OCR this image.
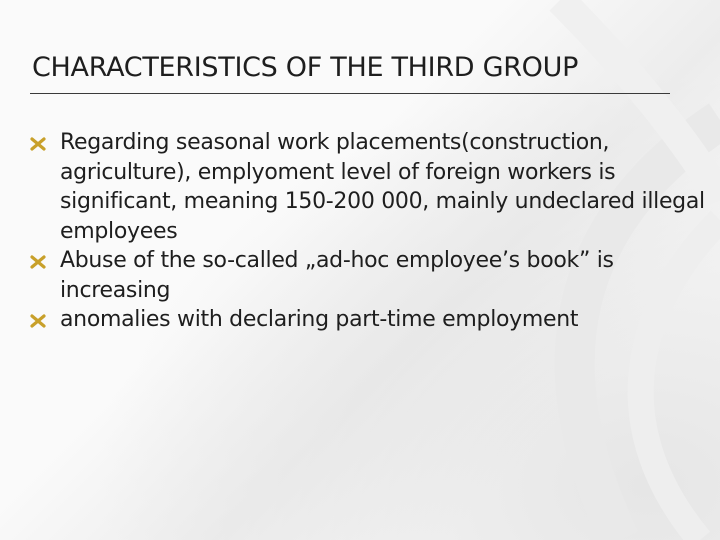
CHARACTERISTICS OF THE THIRD GROUP
Regarding seasonal work placements(construction, agriculture), emplyoment level of foreign workers is significant, meaning 150-200 000, mainly undeclared illegal employees
Abuse of the so-called „ad-hoc employee’s book” is increasing
anomalies with declaring part-time employment
